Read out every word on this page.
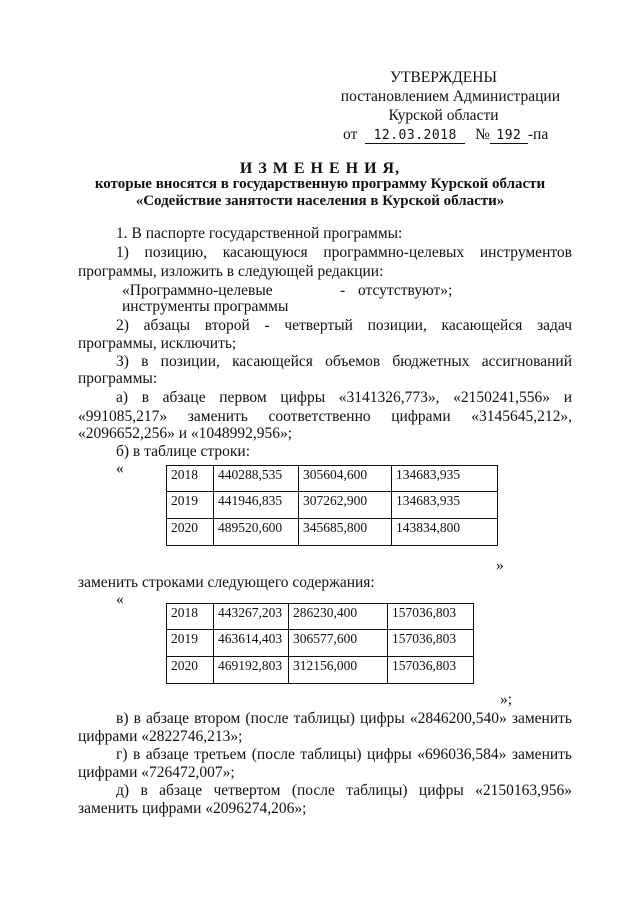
УТВЕРЖДЕНЫ
постановлением Администрации
Курской области
от 12.03.2018 № 192 -па
И З М Е Н Е Н И Я,
которые вносятся в государственную программу Курской области
«Содействие занятости населения в Курской области»
1. В паспорте государственной программы:
1) позицию, касающуюся программно-целевых инструментов
программы, изложить в следующей редакции:
«Программно-целевые	- отсутствуют»;
инструменты программы
2) абзацы второй - четвертый позиции, касающейся задач
программы, исключить;
3) в позиции, касающейся объемов бюджетных ассигнований
программы:
а) в абзаце первом цифры «3141326,773», «2150241,556» и
«991085,217» заменить соответственно цифрами «3145645,212»,
«2096652,256» и «1048992,956»;
б) в таблице строки:
«	2018	440288,535	305604,600	134683,935
2019	441946,835	307262,900	134683,935
2020	489520,600	345685,800	143834,800
»
заменить строками следующего содержания:
«
2018	443267,203	286230,400	157036,803
2019	463614,403	306577,600	157036,803
2020	469192,803	312156,000	157036,803
»;
в) в абзаце втором (после таблицы) цифры «2846200,540» заменить
цифрами «2822746,213»;
г) в абзаце третьем (после таблицы) цифры «696036,584» заменить
цифрами «726472,007»;
д) в абзаце четвертом (после таблицы) цифры «2150163,956»
заменить цифрами «2096274,206»;
